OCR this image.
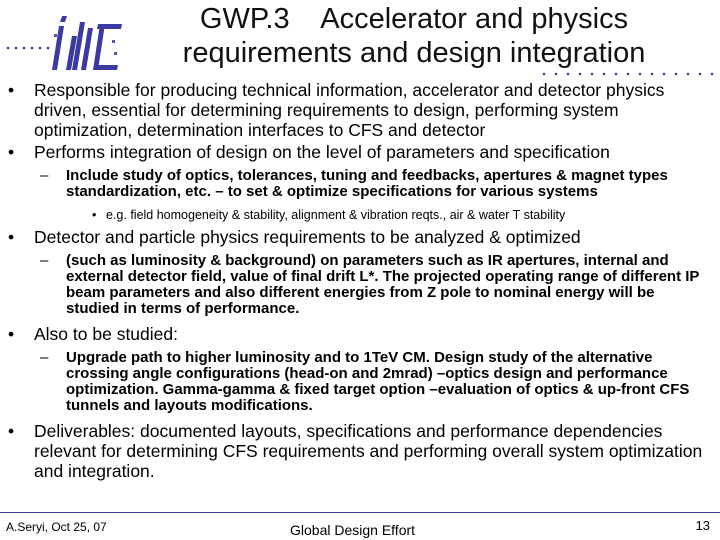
GWP.3    Accelerator and physics
requirements and design integration
• Responsible for producing technical information, accelerator and detector physics driven, essential for determining requirements to design, performing system optimization, determination interfaces to CFS and detector
• Performs integration of design on the level of parameters and specification
– Include study of optics, tolerances, tuning and feedbacks, apertures & magnet types standardization, etc. – to set & optimize specifications for various systems
• e.g. field homogeneity & stability, alignment & vibration reqts., air & water T stability
• Detector and particle physics requirements to be analyzed & optimized
– (such as luminosity & background) on parameters such as IR apertures, internal and external detector field, value of final drift L*. The projected operating range of different IP beam parameters and also different energies from Z pole to nominal energy will be studied in terms of performance.
• Also to be studied:
– Upgrade path to higher luminosity and to 1TeV CM. Design study of the alternative crossing angle configurations (head-on and 2mrad) –optics design and performance optimization. Gamma-gamma & fixed target option –evaluation of optics & up-front CFS tunnels and layouts modifications.
• Deliverables: documented layouts, specifications and performance dependencies relevant for determining CFS requirements and performing overall system optimization and integration.
A.Seryi, Oct 25, 07	Global Design Effort	13
